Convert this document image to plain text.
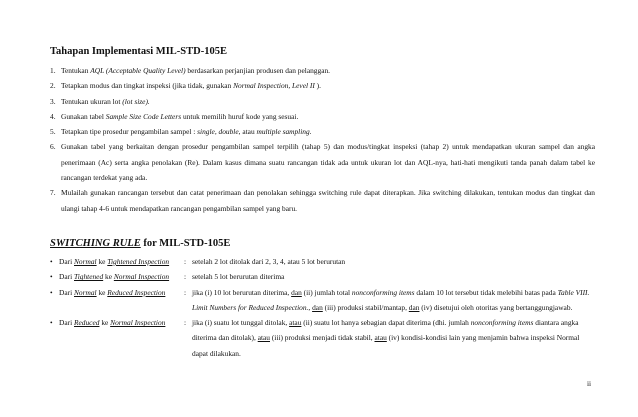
Tahapan Implementasi MIL-STD-105E
1. Tentukan AQL (Acceptable Quality Level) berdasarkan perjanjian produsen dan pelanggan.
2. Tetapkan modus dan tingkat inspeksi (jika tidak, gunakan Normal Inspection, Level II ).
3. Tentukan ukuran lot (lot size).
4. Gunakan tabel Sample Size Code Letters untuk memilih huruf kode yang sesuai.
5. Tetapkan tipe prosedur pengambilan sampel : single, double, atau multiple sampling.
6. Gunakan tabel yang berkaitan dengan prosedur pengambilan sampel terpilih (tahap 5) dan modus/tingkat inspeksi (tahap 2) untuk mendapatkan ukuran sampel dan angka penerimaan (Ac) serta angka penolakan (Re). Dalam kasus dimana suatu rancangan tidak ada untuk ukuran lot dan AQL-nya, hati-hati mengikuti tanda panah dalam tabel ke rancangan terdekat yang ada.
7. Mulailah gunakan rancangan tersebut dan catat penerimaan dan penolakan sehingga switching rule dapat diterapkan. Jika switching dilakukan, tentukan modus dan tingkat dan ulangi tahap 4-6 untuk mendapatkan rancangan pengambilan sampel yang baru.
SWITCHING RULE for MIL-STD-105E
• Dari Normal ke Tightened Inspection : setelah 2 lot ditolak dari 2, 3, 4, atau 5 lot berurutan
• Dari Tightened ke Normal Inspection : setelah 5 lot berurutan diterima
• Dari Normal ke Reduced Inspection	: jika (i) 10 lot berurutan diterima, dan (ii) jumlah total nonconforming items dalam 10 lot tersebut tidak melebihi batas pada Table VIII. Limit Numbers for Reduced Inspection., dan (iii) produksi stabil/mantap, dan (iv) disetujui oleh otoritas yang bertanggungjawab.
• Dari Reduced ke Normal Inspection	: jika (i) suatu lot tunggal ditolak, atau (ii) suatu lot hanya sebagian dapat diterima (dhi. jumlah nonconforming items diantara angka diterima dan ditolak), atau (iii) produksi menjadi tidak stabil, atau (iv) kondisi-kondisi lain yang menjamin bahwa inspeksi Normal dapat dilakukan.
ii
